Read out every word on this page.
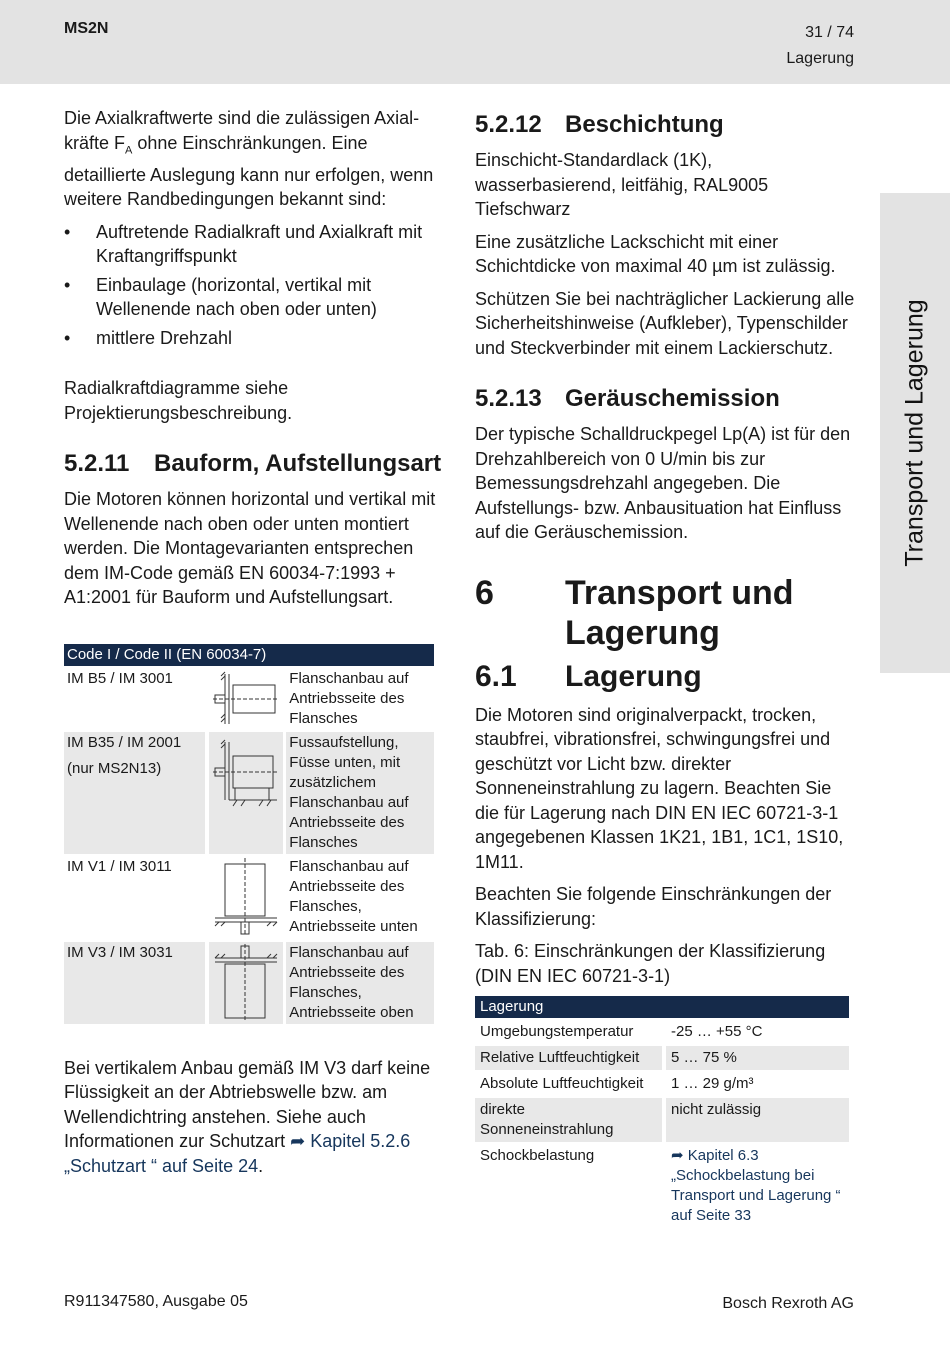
MS2N	31 / 74
Lagerung
Transport und Lagerung

Die Axialkraftwerte sind die zulässigen Axial-kräfte $F_A$ ohne Einschränkungen. Eine detaillierte Auslegung kann nur erfolgen, wenn weitere Randbedingungen bekannt sind:

• Auftretende Radialkraft und Axialkraft mit Kraftangriffspunkt
• Einbaulage (horizontal, vertikal mit Wellenende nach oben oder unten)
• mittlere Drehzahl

Radialkraftdiagramme siehe Projektierungsbeschreibung.

5.2.11	Bauform, Aufstellungsart

Die Motoren können horizontal und vertikal mit Wellenende nach oben oder unten montiert werden. Die Montagevarianten entsprechen dem IM-Code gemäß EN 60034-7:1993 + A1:2001 für Bauform und Aufstellungsart.

Code I / Code II (EN 60034-7)				

IM B5 / IM 3001				Flanschanbau auf Antriebsseite des Flansches

IM B35 / IM 2001
(nur MS2N13)				Fussaufstellung, Füsse unten, mit zusätzlichem Flanschanbau auf Antriebsseite des Flansches

IM V1 / IM 3011				Flanschanbau auf Antriebsseite des Flansches, Antriebsseite unten

IM V3 / IM 3031				Flanschanbau auf Antriebsseite des Flansches, Antriebsseite oben

Bei vertikalem Anbau gemäß IM V3 darf keine Flüssigkeit an der Abtriebswelle bzw. am Wellendichtring anstehen. Siehe auch Informationen zur Schutzart ➦ Kapitel 5.2.6 „Schutzart “ auf Seite 24.

5.2.12 Beschichtung

Einschicht-Standardlack (1K), wasserbasierend, leitfähig, RAL9005 Tiefschwarz

Eine zusätzliche Lackschicht mit einer Schichtdicke von maximal 40 µm ist zulässig.

Schützen Sie bei nachträglicher Lackierung alle Sicherheitshinweise (Aufkleber), Typenschilder und Steckverbinder mit einem Lackierschutz.

5.2.13 Geräuschemission

Der typische Schalldruckpegel Lp(A) ist für den Drehzahlbereich von 0 U/min bis zur Bemessungsdrehzahl angegeben. Die Aufstellungs- bzw. Anbausituation hat Einfluss auf die Geräuschemission.

6	Transport und Lagerung
6.1	Lagerung

Die Motoren sind originalverpackt, trocken, staubfrei, vibrationsfrei, schwingungsfrei und geschützt vor Licht bzw. direkter Sonneneinstrahlung zu lagern. Beachten Sie die für Lagerung nach DIN EN IEC 60721-3-1 angegebenen Klassen 1K21, 1B1, 1C1, 1S10, 1M11.

Beachten Sie folgende Einschränkungen der Klassifizierung:

Tab. 6: Einschränkungen der Klassifizierung (DIN EN IEC 60721-3-1)

Lagerung		
Umgebungstemperatur		-25 … +55 °C
Relative Luftfeuchtigkeit		5 … 75 %
Absolute Luftfeuchtigkeit		1 … 29 g/m³
direkte Sonneneinstrahlung		nicht zulässig
Schockbelastung		➦ Kapitel 6.3 „Schockbelastung bei Transport und Lagerung “ auf Seite 33
R911347580, Ausgabe 05	Bosch Rexroth AG
